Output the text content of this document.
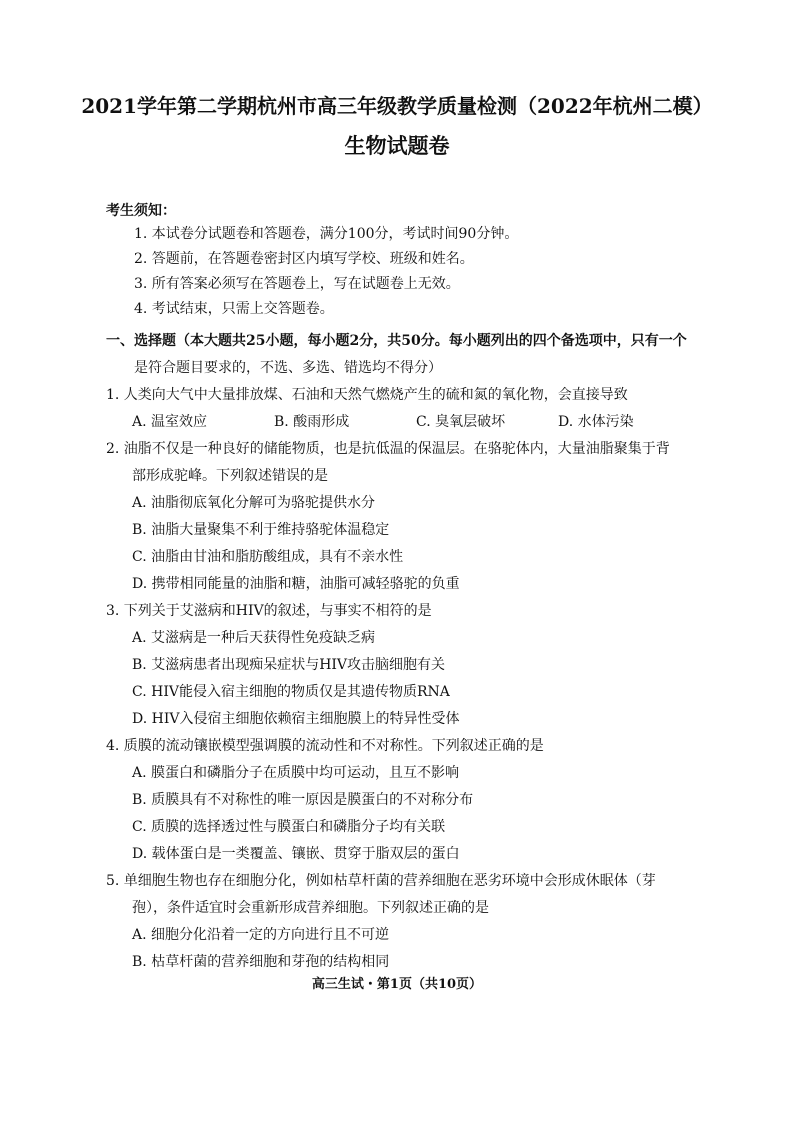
2021学年第二学期杭州市高三年级教学质量检测（2022年杭州二模）
生物试题卷
考生须知：
1. 本试卷分试题卷和答题卷，满分100分，考试时间90分钟。
2. 答题前，在答题卷密封区内填写学校、班级和姓名。
3. 所有答案必须写在答题卷上，写在试题卷上无效。
4. 考试结束，只需上交答题卷。
一、选择题（本大题共25小题，每小题2分，共50分。每小题列出的四个备选项中，只有一个
是符合题目要求的，不选、多选、错选均不得分）
1. 人类向大气中大量排放煤、石油和天然气燃烧产生的硫和氮的氧化物，会直接导致
A. 温室效应	B. 酸雨形成	C. 臭氧层破坏	D. 水体污染
2. 油脂不仅是一种良好的储能物质，也是抗低温的保温层。在骆驼体内，大量油脂聚集于背
部形成驼峰。下列叙述错误的是
A. 油脂彻底氧化分解可为骆驼提供水分
B. 油脂大量聚集不利于维持骆驼体温稳定
C. 油脂由甘油和脂肪酸组成，具有不亲水性
D. 携带相同能量的油脂和糖，油脂可减轻骆驼的负重
3. 下列关于艾滋病和HIV的叙述，与事实不相符的是
A. 艾滋病是一种后天获得性免疫缺乏病
B. 艾滋病患者出现痴呆症状与HIV攻击脑细胞有关
C. HIV能侵入宿主细胞的物质仅是其遗传物质RNA
D. HIV入侵宿主细胞依赖宿主细胞膜上的特异性受体
4. 质膜的流动镶嵌模型强调膜的流动性和不对称性。下列叙述正确的是
A. 膜蛋白和磷脂分子在质膜中均可运动，且互不影响
B. 质膜具有不对称性的唯一原因是膜蛋白的不对称分布
C. 质膜的选择透过性与膜蛋白和磷脂分子均有关联
D. 载体蛋白是一类覆盖、镶嵌、贯穿于脂双层的蛋白
5. 单细胞生物也存在细胞分化，例如枯草杆菌的营养细胞在恶劣环境中会形成休眠体（芽
孢），条件适宜时会重新形成营养细胞。下列叙述正确的是
A. 细胞分化沿着一定的方向进行且不可逆
B. 枯草杆菌的营养细胞和芽孢的结构相同
高三生试・第1页（共10页）
